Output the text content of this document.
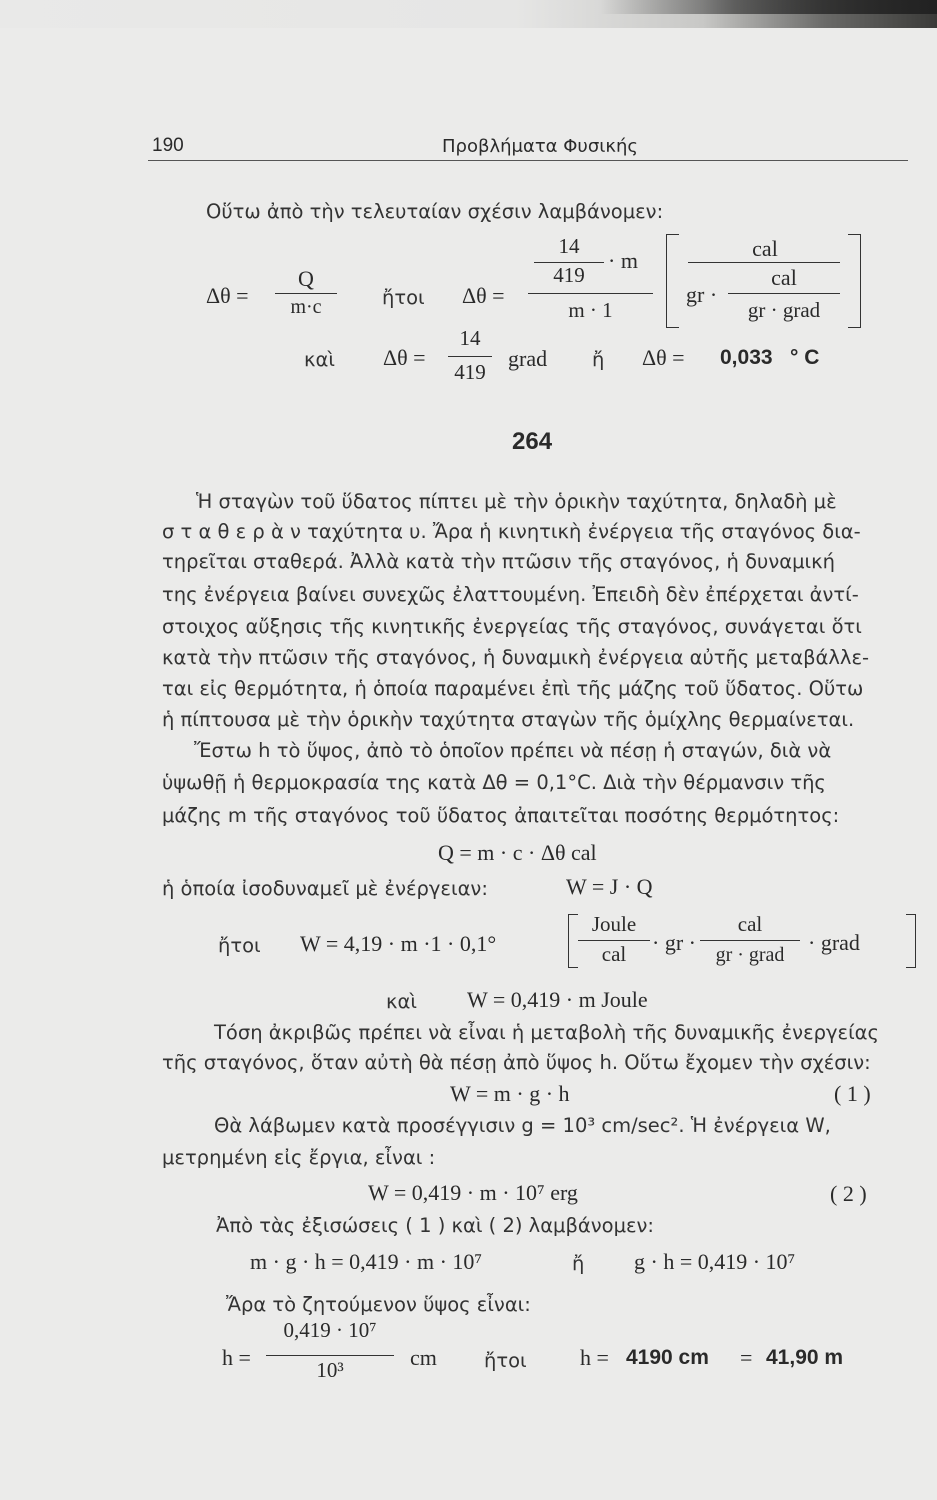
190	Προβλήματα Φυσικής
Οὕτω ἀπὸ τὴν τελευταίαν σχέσιν λαμβάνομεν:
Δθ =
Q
m·c	ἤτοι Δθ =
14
419
· m
m · 1
cal
gr ·
cal
gr · grad
καὶ Δθ =
14
419
grad ἤ Δθ = 0,033 ° C
264
Ἡ σταγὼν τοῦ ὕδατος πίπτει μὲ τὴν ὁρικὴν ταχύτητα, δηλαδὴ μὲ
σ τ α θ ε ρ ὰ ν ταχύτητα υ. Ἄρα ἡ κινητικὴ ἐνέργεια τῆς σταγόνος δια-
τηρεῖται σταθερά. Ἀλλὰ κατὰ τὴν πτῶσιν τῆς σταγόνος, ἡ δυναμική
της ἐνέργεια βαίνει συνεχῶς ἐλαττουμένη. Ἐπειδὴ δὲν ἐπέρχεται ἀντί-
στοιχος αὔξησις τῆς κινητικῆς ἐνεργείας τῆς σταγόνος, συνάγεται ὅτι
κατὰ τὴν πτῶσιν τῆς σταγόνος, ἡ δυναμικὴ ἐνέργεια αὐτῆς μεταβάλλε-
ται εἰς θερμότητα, ἡ ὁποία παραμένει ἐπὶ τῆς μάζης τοῦ ὕδατος. Οὕτω
ἡ πίπτουσα μὲ τὴν ὁρικὴν ταχύτητα σταγὼν τῆς ὁμίχλης θερμαίνεται.
Ἔστω h τὸ ὕψος, ἀπὸ τὸ ὁποῖον πρέπει νὰ πέσῃ ἡ σταγών, διὰ νὰ
ὑψωθῇ ἡ θερμοκρασία της κατὰ Δθ = 0,1°C. Διὰ τὴν θέρμανσιν τῆς
μάζης m τῆς σταγόνος τοῦ ὕδατος ἀπαιτεῖται ποσότης θερμότητος:
Q = m · c · Δθ cal
ἡ ὁποία ἰσοδυναμεῖ μὲ ἐνέργειαν:	W = J · Q
ἤτοι W = 4,19 · m ·1 · 0,1°
Joule
cal	· gr ·
cal
gr · grad	· grad
καὶ W = 0,419 · m Joule
Τόση ἀκριβῶς πρέπει νὰ εἶναι ἡ μεταβολὴ τῆς δυναμικῆς ἐνεργείας
τῆς σταγόνος, ὅταν αὐτὴ θὰ πέσῃ ἀπὸ ὕψος h. Οὕτω ἔχομεν τὴν σχέσιν:
W = m · g · h	( 1 )
Θὰ λάβωμεν κατὰ προσέγγισιν g = 10³ cm/sec². Ἡ ἐνέργεια W,
μετρημένη εἰς ἔργια, εἶναι :
W = 0,419 · m · 10⁷ erg	( 2 )
Ἀπὸ τὰς ἐξισώσεις ( 1 ) καὶ ( 2) λαμβάνομεν:
m · g · h = 0,419 · m · 10⁷	ἤ g · h = 0,419 · 10⁷
Ἄρα τὸ ζητούμενον ὕψος εἶναι:
h =
0,419 · 10⁷
10³	cm ἤτοι h = 4190 cm = 41,90 m
